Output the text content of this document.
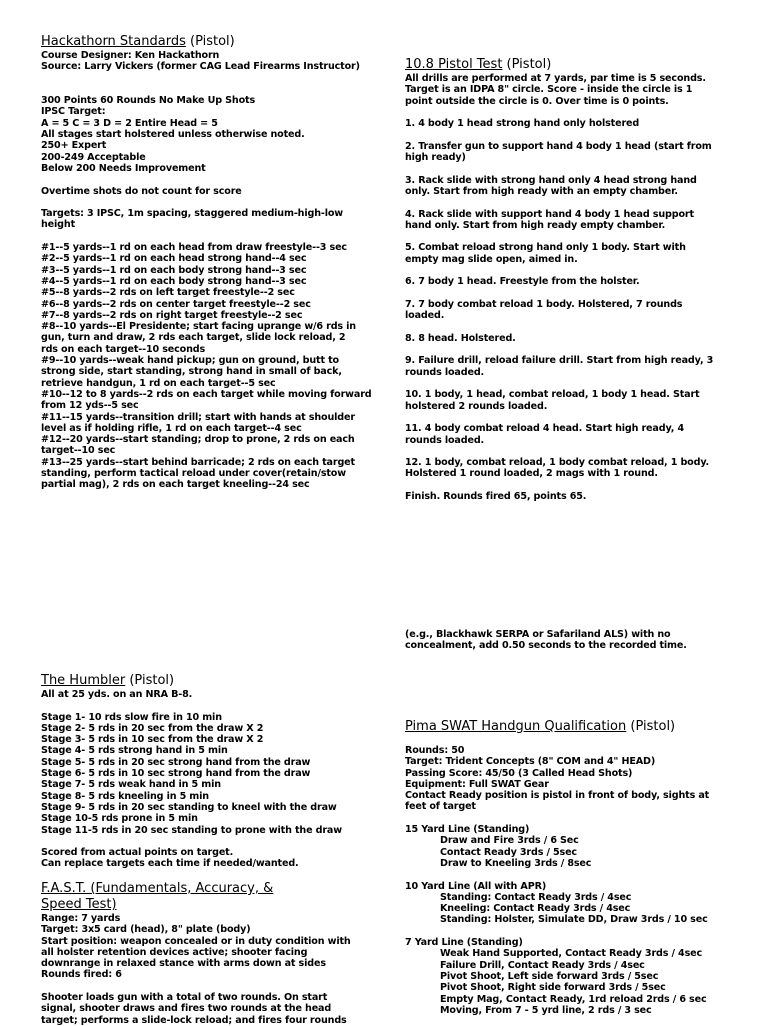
Hackathorn Standards (Pistol)
Course Designer: Ken Hackathorn
Source: Larry Vickers (former CAG Lead Firearms Instructor)
300 Points 60 Rounds No Make Up Shots
IPSC Target:
A = 5 C = 3 D = 2 Entire Head = 5
All stages start holstered unless otherwise noted.
250+ Expert
200-249 Acceptable
Below 200 Needs Improvement
Overtime shots do not count for score
Targets: 3 IPSC, 1m spacing, staggered medium-high-low
height
#1--5 yards--1 rd on each head from draw freestyle--3 sec
#2--5 yards--1 rd on each head strong hand--4 sec
#3--5 yards--1 rd on each body strong hand--3 sec
#4--5 yards--1 rd on each body strong hand--3 sec
#5--8 yards--2 rds on left target freestyle--2 sec
#6--8 yards--2 rds on center target freestyle--2 sec
#7--8 yards--2 rds on right target freestyle--2 sec
#8--10 yards--El Presidente; start facing uprange w/6 rds in
gun, turn and draw, 2 rds each target, slide lock reload, 2
rds on each target--10 seconds
#9--10 yards--weak hand pickup; gun on ground, butt to
strong side, start standing, strong hand in small of back,
retrieve handgun, 1 rd on each target--5 sec
#10--12 to 8 yards--2 rds on each target while moving forward
from 12 yds--5 sec
#11--15 yards--transition drill; start with hands at shoulder
level as if holding rifle, 1 rd on each target--4 sec
#12--20 yards--start standing; drop to prone, 2 rds on each
target--10 sec
#13--25 yards--start behind barricade; 2 rds on each target
standing, perform tactical reload under cover(retain/stow
partial mag), 2 rds on each target kneeling--24 sec
10.8 Pistol Test (Pistol)
All drills are performed at 7 yards, par time is 5 seconds.
Target is an IDPA 8" circle. Score - inside the circle is 1
point outside the circle is 0. Over time is 0 points.
1. 4 body 1 head strong hand only holstered
2. Transfer gun to support hand 4 body 1 head (start from
high ready)
3. Rack slide with strong hand only 4 head strong hand
only. Start from high ready with an empty chamber.
4. Rack slide with support hand 4 body 1 head support
hand only. Start from high ready empty chamber.
5. Combat reload strong hand only 1 body. Start with
empty mag slide open, aimed in.
6. 7 body 1 head. Freestyle from the holster.
7. 7 body combat reload 1 body. Holstered, 7 rounds
loaded.
8. 8 head. Holstered.
9. Failure drill, reload failure drill. Start from high ready, 3
rounds loaded.
10. 1 body, 1 head, combat reload, 1 body 1 head. Start
holstered 2 rounds loaded.
11. 4 body combat reload 4 head. Start high ready, 4
rounds loaded.
12. 1 body, combat reload, 1 body combat reload, 1 body.
Holstered 1 round loaded, 2 mags with 1 round.
Finish. Rounds fired 65, points 65.
(e.g., Blackhawk SERPA or Safariland ALS) with no
concealment, add 0.50 seconds to the recorded time.
The Humbler (Pistol)
All at 25 yds. on an NRA B-8.
Stage 1- 10 rds slow fire in 10 min
Stage 2- 5 rds in 20 sec from the draw X 2
Stage 3- 5 rds in 10 sec from the draw X 2
Stage 4- 5 rds strong hand in 5 min
Stage 5- 5 rds in 20 sec strong hand from the draw
Stage 6- 5 rds in 10 sec strong hand from the draw
Stage 7- 5 rds weak hand in 5 min
Stage 8- 5 rds kneeling in 5 min
Stage 9- 5 rds in 20 sec standing to kneel with the draw
Stage 10-5 rds prone in 5 min
Stage 11-5 rds in 20 sec standing to prone with the draw
Scored from actual points on target.
Can replace targets each time if needed/wanted.
F.A.S.T. (Fundamentals, Accuracy, &
Speed Test)
Range: 7 yards
Target: 3x5 card (head), 8" plate (body)
Start position: weapon concealed or in duty condition with
all holster retention devices active; shooter facing
downrange in relaxed stance with arms down at sides
Rounds fired: 6
Shooter loads gun with a total of two rounds. On start
signal, shooter draws and fires two rounds at the head
target; performs a slide-lock reload; and fires four rounds
Pima SWAT Handgun Qualification (Pistol)
Rounds: 50
Target: Trident Concepts (8" COM and 4" HEAD)
Passing Score: 45/50 (3 Called Head Shots)
Equipment: Full SWAT Gear
Contact Ready position is pistol in front of body, sights at
feet of target
15 Yard Line (Standing)
Draw and Fire 3rds / 6 Sec
Contact Ready 3rds / 5sec
Draw to Kneeling 3rds / 8sec
10 Yard Line (All with APR)
Standing: Contact Ready 3rds / 4sec
Kneeling: Contact Ready 3rds / 4sec
Standing: Holster, Simulate DD, Draw 3rds / 10 sec
7 Yard Line (Standing)
Weak Hand Supported, Contact Ready 3rds / 4sec
Failure Drill, Contact Ready 3rds / 4sec
Pivot Shoot, Left side forward 3rds / 5sec
Pivot Shoot, Right side forward 3rds / 5sec
Empty Mag, Contact Ready, 1rd reload 2rds / 6 sec
Moving, From 7 - 5 yrd line, 2 rds / 3 sec
